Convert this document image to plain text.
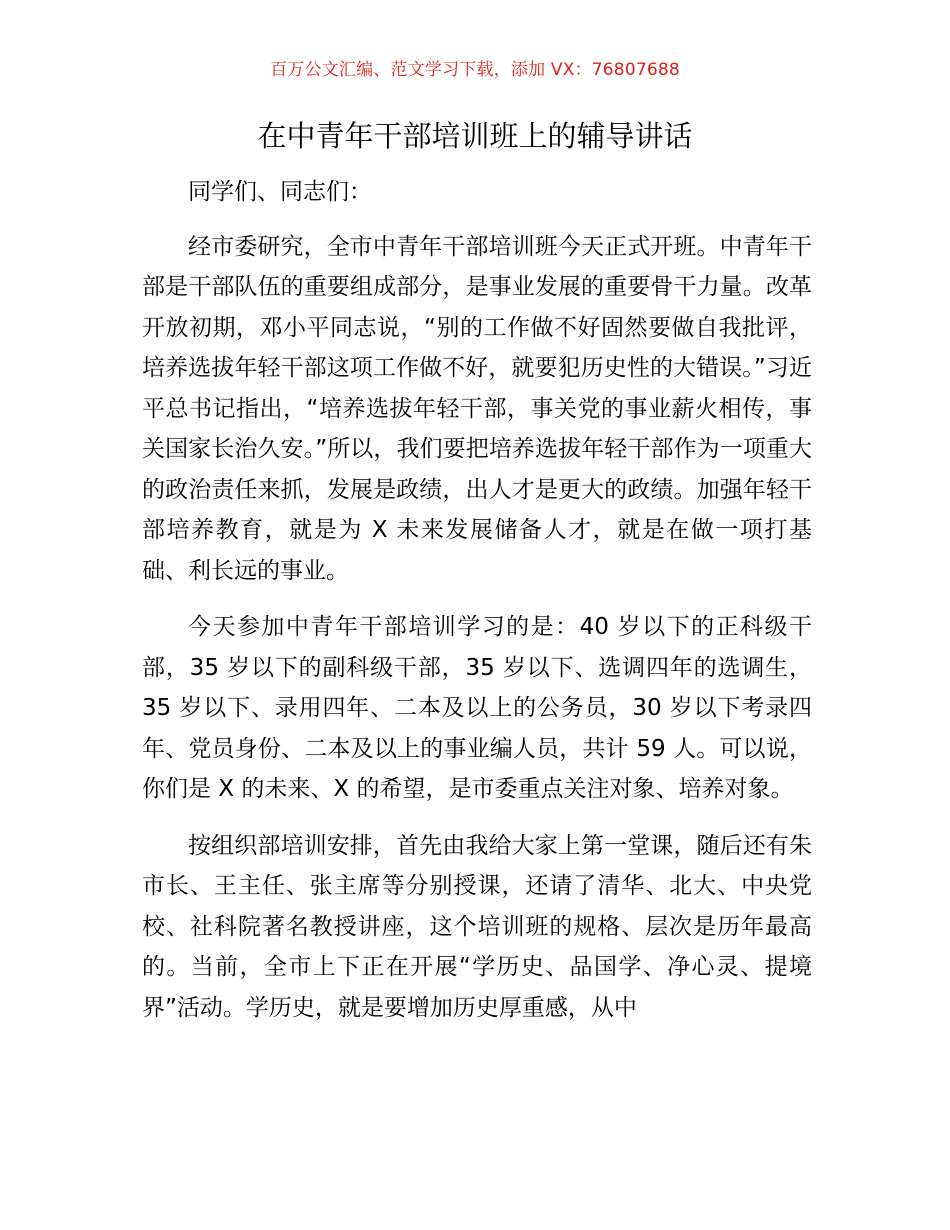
百万公文汇编、范文学习下载，添加 VX：76807688
在中青年干部培训班上的辅导讲话

同学们、同志们：

经市委研究，全市中青年干部培训班今天正式开班。中青年干部是干部队伍的重要组成部分，是事业发展的重要骨干力量。改革开放初期，邓小平同志说，“别的工作做不好固然要做自我批评，培养选拔年轻干部这项工作做不好，就要犯历史性的大错误。”习近平总书记指出，“培养选拔年轻干部，事关党的事业薪火相传，事关国家长治久安。”所以，我们要把培养选拔年轻干部作为一项重大的政治责任来抓，发展是政绩，出人才是更大的政绩。加强年轻干部培养教育，就是为 X 未来发展储备人才，就是在做一项打基础、利长远的事业。

今天参加中青年干部培训学习的是：40 岁以下的正科级干部，35 岁以下的副科级干部，35 岁以下、选调四年的选调生，35 岁以下、录用四年、二本及以上的公务员，30 岁以下考录四年、党员身份、二本及以上的事业编人员，共计 59 人。可以说，你们是 X 的未来、X 的希望，是市委重点关注对象、培养对象。

按组织部培训安排，首先由我给大家上第一堂课，随后还有朱市长、王主任、张主席等分别授课，还请了清华、北大、中央党校、社科院著名教授讲座，这个培训班的规格、层次是历年最高的。当前，全市上下正在开展“学历史、品国学、净心灵、提境界”活动。学历史，就是要增加历史厚重感，从中
